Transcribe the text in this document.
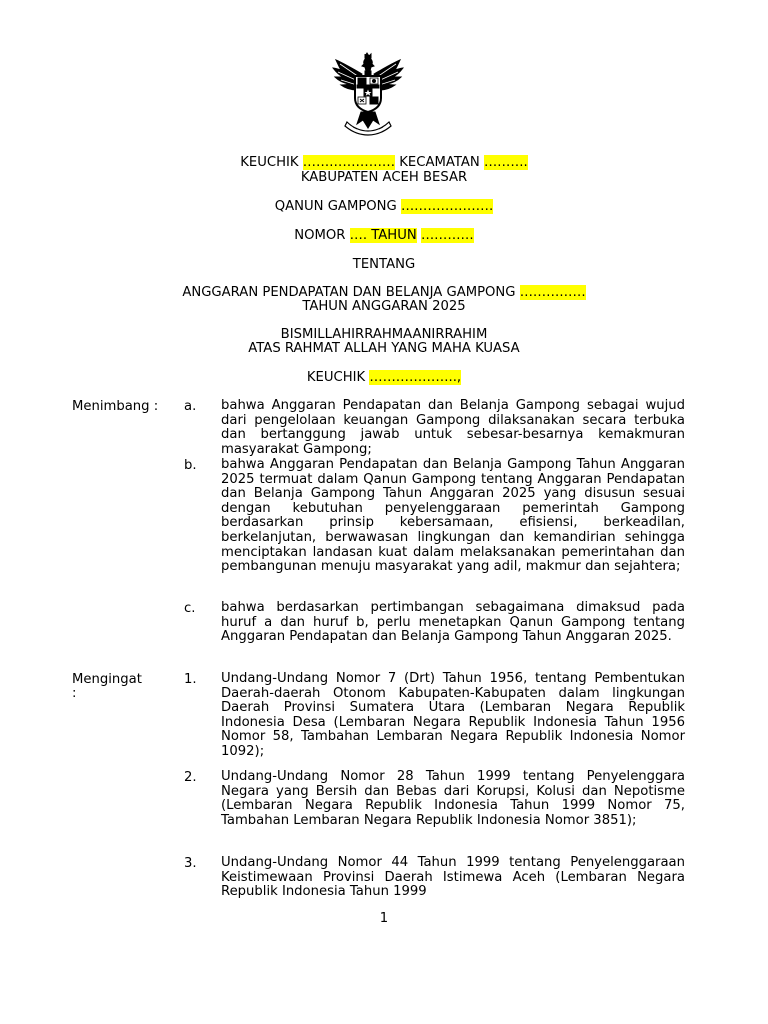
KEUCHIK ………………… KECAMATAN ……….
KABUPATEN ACEH BESAR
QANUN GAMPONG …………………
NOMOR …. TAHUN …………
TENTANG
ANGGARAN PENDAPATAN DAN BELANJA GAMPONG ……………
TAHUN ANGGARAN 2025
BISMILLAHIRRAHMAANIRRAHIM
ATAS RAHMAT ALLAH YANG MAHA KUASA
KEUCHIK ………………..,
Menimbang : a. bahwa Anggaran Pendapatan dan Belanja Gampong sebagai wujud dari pengelolaan keuangan Gampong dilaksanakan secara terbuka dan bertanggung jawab untuk sebesar-besarnya kemakmuran masyarakat Gampong;
b. bahwa Anggaran Pendapatan dan Belanja Gampong Tahun Anggaran 2025 termuat dalam Qanun Gampong tentang Anggaran Pendapatan dan Belanja Gampong Tahun Anggaran 2025 yang disusun sesuai dengan kebutuhan penyelenggaraan pemerintah Gampong berdasarkan prinsip kebersamaan, efisiensi, berkeadilan, berkelanjutan, berwawasan lingkungan dan kemandirian sehingga menciptakan landasan kuat dalam melaksanakan pemerintahan dan pembangunan menuju masyarakat yang adil, makmur dan sejahtera;
c. bahwa berdasarkan pertimbangan sebagaimana dimaksud pada huruf a dan huruf b, perlu menetapkan Qanun Gampong tentang Anggaran Pendapatan dan Belanja Gampong Tahun Anggaran 2025.
Mengingat
:
1. Undang-Undang Nomor 7 (Drt) Tahun 1956, tentang Pembentukan Daerah-daerah Otonom Kabupaten-Kabupaten dalam lingkungan Daerah Provinsi Sumatera Utara (Lembaran Negara Republik Indonesia Desa (Lembaran Negara Republik Indonesia Tahun 1956 Nomor 58, Tambahan Lembaran Negara Republik Indonesia Nomor 1092);
2. Undang-Undang Nomor 28 Tahun 1999 tentang Penyelenggara Negara yang Bersih dan Bebas dari Korupsi, Kolusi dan Nepotisme (Lembaran Negara Republik Indonesia Tahun 1999 Nomor 75, Tambahan Lembaran Negara Republik Indonesia Nomor 3851);
3. Undang-Undang Nomor 44 Tahun 1999 tentang Penyelenggaraan Keistimewaan Provinsi Daerah Istimewa Aceh (Lembaran Negara Republik Indonesia Tahun 1999
1
